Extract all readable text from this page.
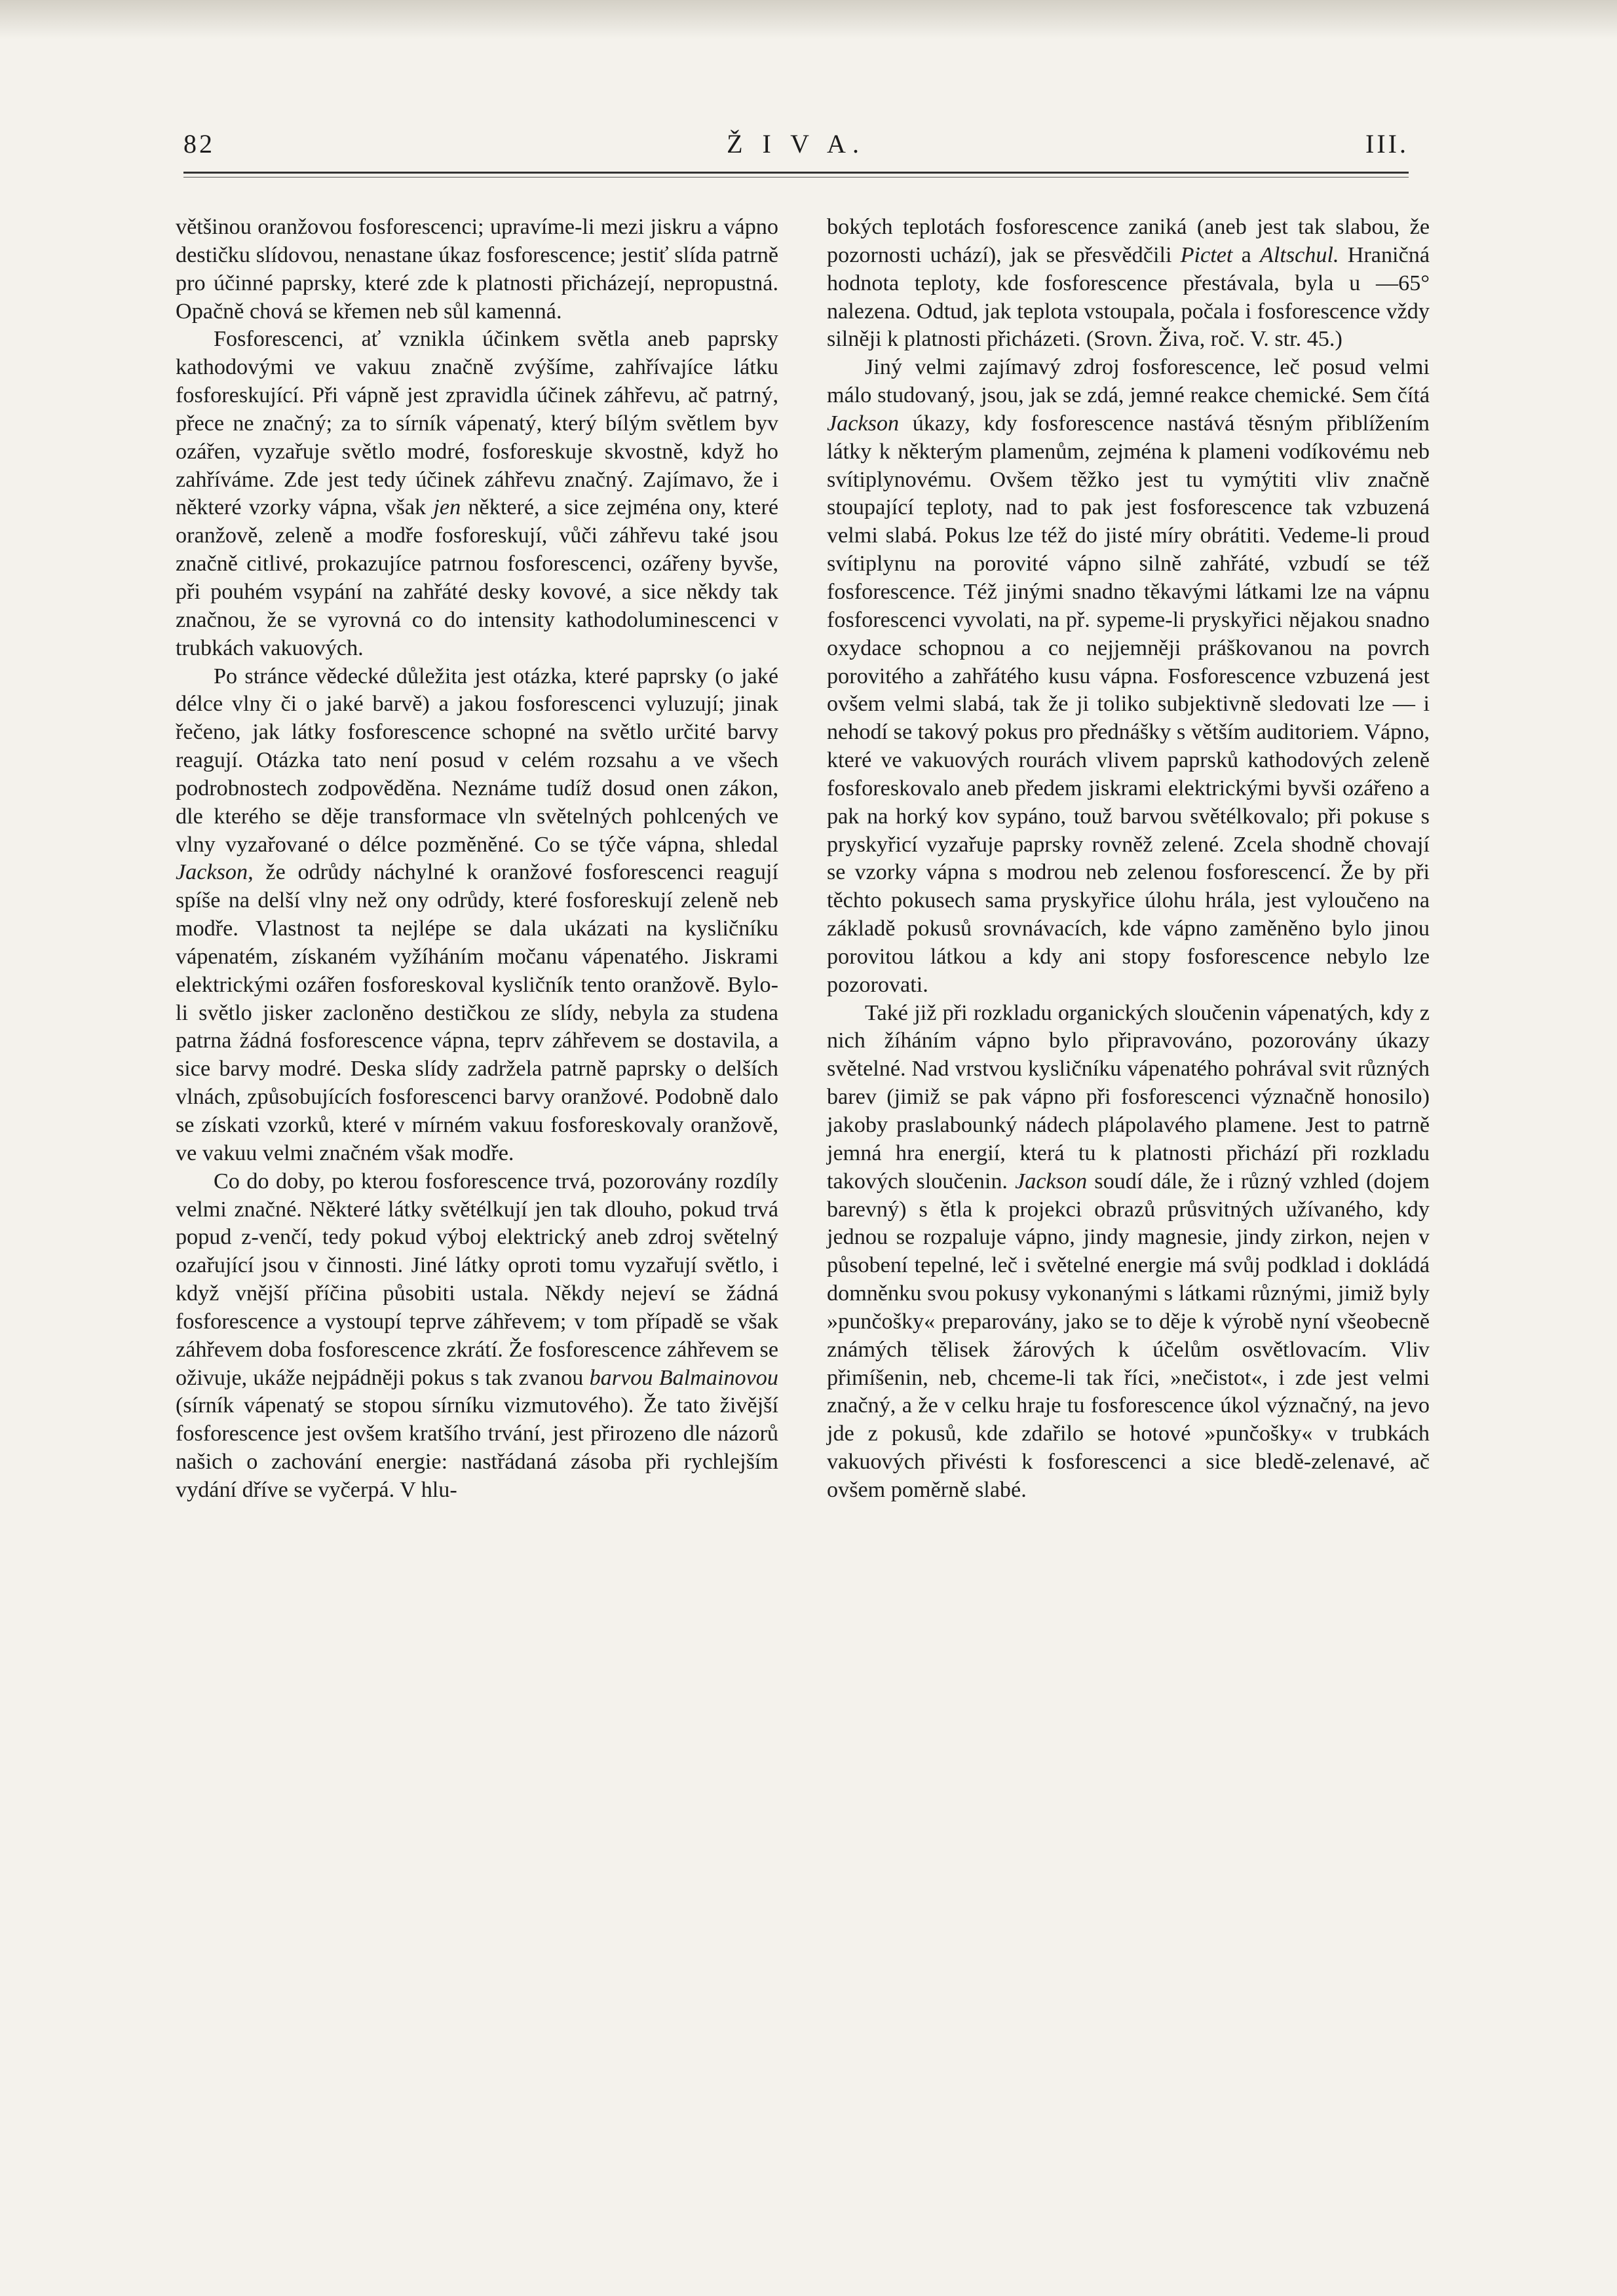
82	Ž I V A.	III.

většinou oranžovou fosforescenci; upravíme-li mezi jiskru a vápno destičku slídovou, nenastane úkaz fosforescence; jestiť slída patrně pro účinné paprsky, které zde k platnosti přicházejí, nepropustná. Opačně chová se křemen neb sůl kamenná.

Fosforescenci, ať vznikla účinkem světla aneb paprsky kathodovými ve vakuu značně zvýšíme, zahřívajíce látku fosforeskující. Při vápně jest zpravidla účinek záhřevu, ač patrný, přece ne značný; za to sírník vápenatý, který bílým světlem byv ozářen, vyzařuje světlo modré, fosforeskuje skvostně, když ho zahříváme. Zde jest tedy účinek záhřevu značný. Zajímavo, že i některé vzorky vápna, však jen některé, a sice zejména ony, které oranžově, zeleně a modře fosforeskují, vůči záhřevu také jsou značně citlivé, prokazujíce patrnou fosforescenci, ozářeny byvše, při pouhém vsypání na zahřáté desky kovové, a sice někdy tak značnou, že se vyrovná co do intensity kathodoluminescenci v trubkách vakuových.

Po stránce vědecké důležita jest otázka, které paprsky (o jaké délce vlny či o jaké barvě) a jakou fosforescenci vyluzují; jinak řečeno, jak látky fosforescence schopné na světlo určité barvy reagují. Otázka tato není posud v celém rozsahu a ve všech podrobnostech zodpověděna. Neznáme tudíž dosud onen zákon, dle kterého se děje transformace vln světelných pohlcených ve vlny vyzařované o délce pozměněné. Co se týče vápna, shledal Jackson, že odrůdy náchylné k oranžové fosforescenci reagují spíše na delší vlny než ony odrůdy, které fosforeskují zeleně neb modře. Vlastnost ta nejlépe se dala ukázati na kysličníku vápenatém, získaném vyžíháním močanu vápenatého. Jiskrami elektrickými ozářen fosforeskoval kysličník tento oranžově. Bylo-li světlo jisker zacloněno destičkou ze slídy, nebyla za studena patrna žádná fosforescence vápna, teprv záhřevem se dostavila, a sice barvy modré. Deska slídy zadržela patrně paprsky o delších vlnách, způsobujících fosforescenci barvy oranžové. Podobně dalo se získati vzorků, které v mírném vakuu fosforeskovaly oranžově, ve vakuu velmi značném však modře.

Co do doby, po kterou fosforescence trvá, pozorovány rozdíly velmi značné. Některé látky světélkují jen tak dlouho, pokud trvá popud z-venčí, tedy pokud výboj elektrický aneb zdroj světelný ozařující jsou v činnosti. Jiné látky oproti tomu vyzařují světlo, i když vnější příčina působiti ustala. Někdy nejeví se žádná fosforescence a vystoupí teprve záhřevem; v tom případě se však záhřevem doba fosforescence zkrátí. Že fosforescence záhřevem se oživuje, ukáže nejpádněji pokus s tak zvanou barvou Balmainovou (sírník vápenatý se stopou sírníku vizmutového). Že tato živější fosforescence jest ovšem kratšího trvání, jest přirozeno dle názorů našich o zachování energie: nastřádaná zásoba při rychlejším vydání dříve se vyčerpá. V hlu-

bokých teplotách fosforescence zaniká (aneb jest tak slabou, že pozornosti uchází), jak se přesvědčili Pictet a Altschul. Hraničná hodnota teploty, kde fosforescence přestávala, byla u —65° nalezena. Odtud, jak teplota vstoupala, počala i fosforescence vždy silněji k platnosti přicházeti. (Srovn. Živa, roč. V. str. 45.)

Jiný velmi zajímavý zdroj fosforescence, leč posud velmi málo studovaný, jsou, jak se zdá, jemné reakce chemické. Sem čítá Jackson úkazy, kdy fosforescence nastává těsným přiblížením látky k některým plamenům, zejména k plameni vodíkovému neb svítiplynovému. Ovšem těžko jest tu vymýtiti vliv značně stoupající teploty, nad to pak jest fosforescence tak vzbuzená velmi slabá. Pokus lze též do jisté míry obrátiti. Vedeme-li proud svítiplynu na porovité vápno silně zahřáté, vzbudí se též fosforescence. Též jinými snadno těkavými látkami lze na vápnu fosforescenci vyvolati, na př. sypeme-li pryskyřici nějakou snadno oxydace schopnou a co nejjemněji práškovanou na povrch porovitého a zahřátého kusu vápna. Fosforescence vzbuzená jest ovšem velmi slabá, tak že ji toliko subjektivně sledovati lze — i nehodí se takový pokus pro přednášky s větším auditoriem. Vápno, které ve vakuových rourách vlivem paprsků kathodových zeleně fosforeskovalo aneb předem jiskrami elektrickými byvši ozářeno a pak na horký kov sypáno, touž barvou světélkovalo; při pokuse s pryskyřicí vyzařuje paprsky rovněž zelené. Zcela shodně chovají se vzorky vápna s modrou neb zelenou fosforescencí. Že by při těchto pokusech sama pryskyřice úlohu hrála, jest vyloučeno na základě pokusů srovnávacích, kde vápno zaměněno bylo jinou porovitou látkou a kdy ani stopy fosforescence nebylo lze pozorovati.

Také již při rozkladu organických sloučenin vápenatých, kdy z nich žíháním vápno bylo připravováno, pozorovány úkazy světelné. Nad vrstvou kysličníku vápenatého pohrával svit různých barev (jimiž se pak vápno při fosforescenci význačně honosilo) jakoby praslabounký nádech plápolavého plamene. Jest to patrně jemná hra energií, která tu k platnosti přichází při rozkladu takových sloučenin. Jackson soudí dále, že i různý vzhled (dojem barevný) s ětla k projekci obrazů průsvitných užívaného, kdy jednou se rozpaluje vápno, jindy magnesie, jindy zirkon, nejen v působení tepelné, leč i světelné energie má svůj podklad i dokládá domněnku svou pokusy vykonanými s látkami různými, jimiž byly »punčošky« preparovány, jako se to děje k výrobě nyní všeobecně známých tělisek žárových k účelům osvětlovacím. Vliv přimíšenin, neb, chceme-li tak říci, »nečistot«, i zde jest velmi značný, a že v celku hraje tu fosforescence úkol význačný, na jevo jde z pokusů, kde zdařilo se hotové »punčošky« v trubkách vakuových přivésti k fosforescenci a sice bledě-zelenavé, ač ovšem poměrně slabé.
